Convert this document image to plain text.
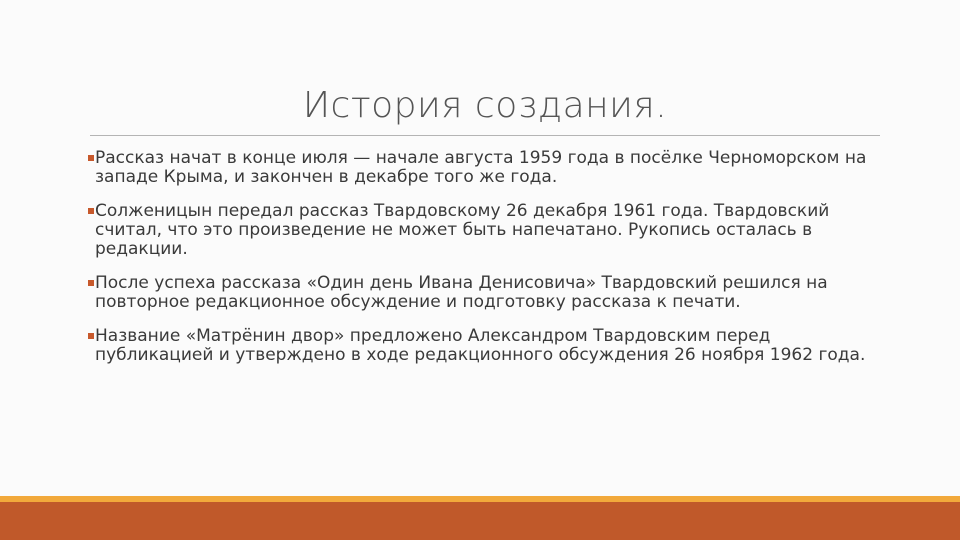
История создания.
Рассказ начат в конце июля — начале августа 1959 года в посёлке Черноморском на западе Крыма, и закончен в декабре того же года.
Солженицын передал рассказ Твардовскому 26 декабря 1961 года. Твардовский считал, что это произведение не может быть напечатано. Рукопись осталась в редакции.
После успеха рассказа «Один день Ивана Денисовича» Твардовский решился на повторное редакционное обсуждение и подготовку рассказа к печати.
Название «Матрёнин двор» предложено Александром Твардовским перед публикацией и утверждено в ходе редакционного обсуждения 26 ноября 1962 года.
